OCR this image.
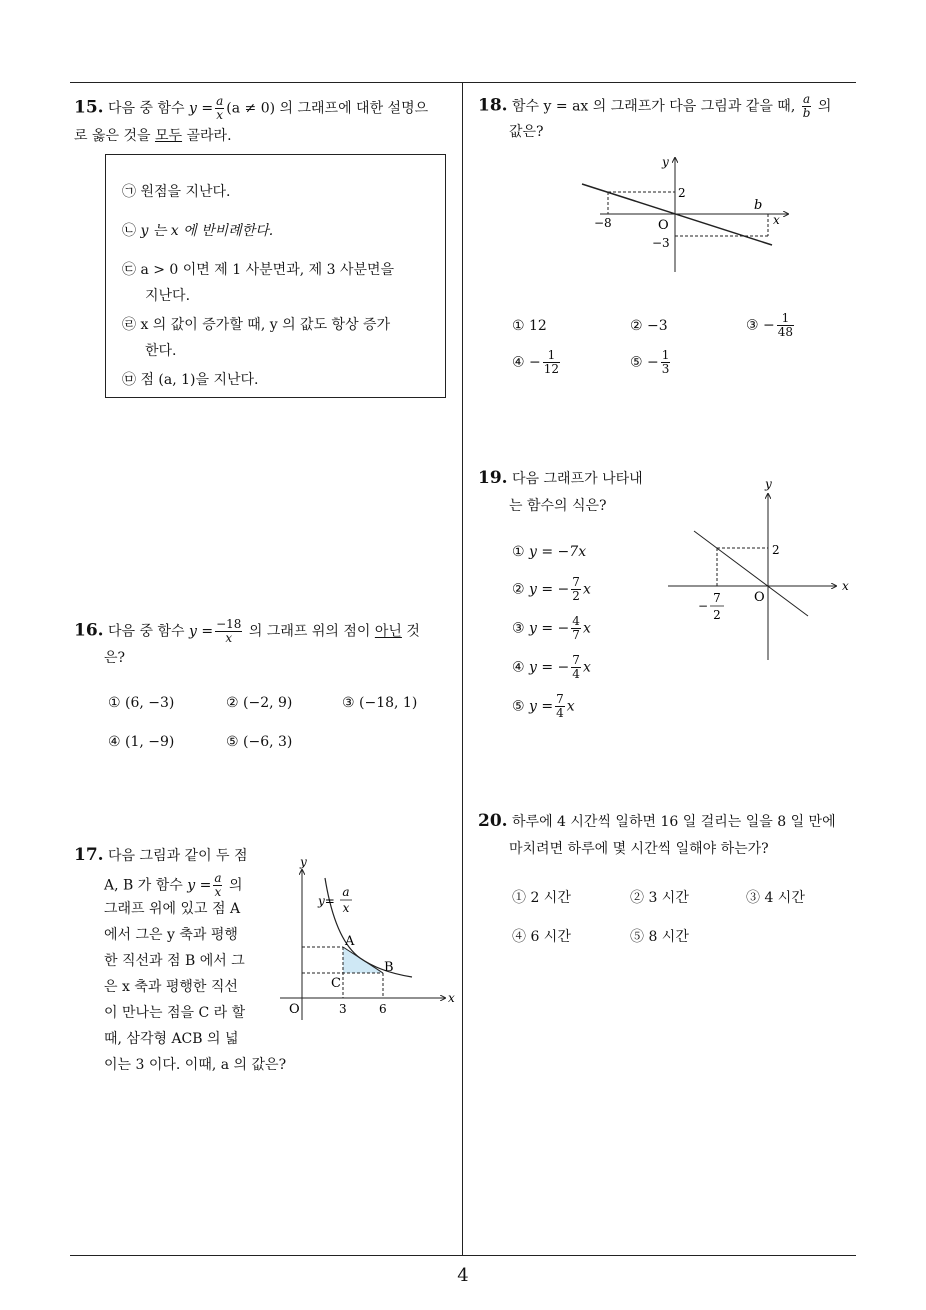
15. 다음 중 함수 $y = \frac{a}{x} (a \ne 0)$ 의 그래프에 대한 설명으
로 옳은 것을 모두 골라라.
㉠ 원점을 지난다.
㉡ y 는 x 에 반비례한다.
㉢ a > 0 이면 제 1 사분면과, 제 3 사분면을
지난다.
㉣ x 의 값이 증가할 때, y 의 값도 항상 증가
한다.
㉤ 점 (a, 1)을 지난다.
16. 다음 중 함수 $y = \frac{-18}{x}$ 의 그래프 위의 점이 아닌 것
은?
① (6, −3)	② (−2, 9)	③ (−18, 1)
④ (1, −9)	⑤ (−6, 3)
17. 다음 그림과 같이 두 점
A, B 가 함수 $y = \frac{a}{x}$ 의
그래프 위에 있고 점 A
에서 그은 y 축과 평행
한 직선과 점 B 에서 그
은 x 축과 평행한 직선
이 만나는 점을 C 라 할
때, 삼각형 ACB 의 넓
이는 3 이다. 이때, a 의 값은?
y
x
O
y=
a
x
A
B
C
3	6
18. 함수 y = ax 의 그래프가 다음 그림과 같을 때, $\frac{a}{b}$ 의
값은?
y
x
O
2
−8
−3
b
① 12	② −3	③ − $\frac{1}{48}$
④ − $\frac{1}{12}$	⑤ − $\frac{1}{3}$
19. 다음 그래프가 나타내
는 함수의 식은?
① y = −7x
② y = − $\frac{7}{2}$ x
③ y = − $\frac{4}{7}$ x
④ y = − $\frac{7}{4}$ x
⑤ $y = \frac{7}{4}$ x
y
x
O
2
−
7
2
20. 하루에 4 시간씩 일하면 16 일 걸리는 일을 8 일 만에
마치려면 하루에 몇 시간씩 일해야 하는가?
① 2 시간	② 3 시간	③ 4 시간
④ 6 시간	⑤ 8 시간
4
